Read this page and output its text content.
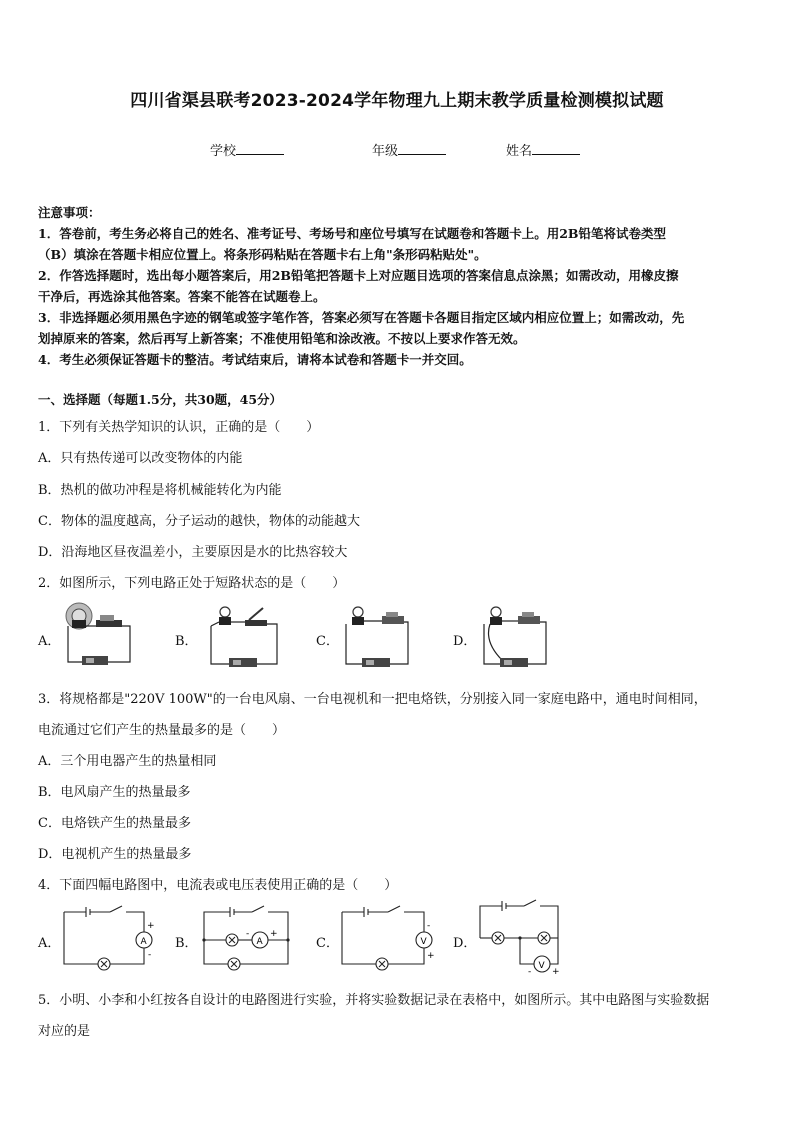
四川省渠县联考2023-2024学年物理九上期末教学质量检测模拟试题
学校	年级	姓名
注意事项：
1．答卷前，考生务必将自己的姓名、准考证号、考场号和座位号填写在试题卷和答题卡上。用2B铅笔将试卷类型
（B）填涂在答题卡相应位置上。将条形码粘贴在答题卡右上角"条形码粘贴处"。
2．作答选择题时，选出每小题答案后，用2B铅笔把答题卡上对应题目选项的答案信息点涂黑；如需改动，用橡皮擦
干净后，再选涂其他答案。答案不能答在试题卷上。
3．非选择题必须用黑色字迹的钢笔或签字笔作答，答案必须写在答题卡各题目指定区域内相应位置上；如需改动，先
划掉原来的答案，然后再写上新答案；不准使用铅笔和涂改液。不按以上要求作答无效。
4．考生必须保证答题卡的整洁。考试结束后，请将本试卷和答题卡一并交回。
一、选择题（每题1.5分，共30题，45分）
1．下列有关热学知识的认识，正确的是（　　）
A．只有热传递可以改变物体的内能
B．热机的做功冲程是将机械能转化为内能
C．物体的温度越高，分子运动的越快，物体的动能越大
D．沿海地区昼夜温差小，主要原因是水的比热容较大
2．如图所示，下列电路正处于短路状态的是（　　）
A．	B．	C．	D．
3．将规格都是"220V 100W"的一台电风扇、一台电视机和一把电烙铁，分别接入同一家庭电路中，通电时间相同，
电流通过它们产生的热量最多的是（　　）
A．三个用电器产生的热量相同
B．电风扇产生的热量最多
C．电烙铁产生的热量最多
D．电视机产生的热量最多
4．下面四幅电路图中，电流表或电压表使用正确的是（　　）
A．	B．	C．	D．
A
+
-
A
- +
V
-
+
V
- +
5．小明、小李和小红按各自设计的电路图进行实验，并将实验数据记录在表格中，如图所示。其中电路图与实验数据
对应的是
